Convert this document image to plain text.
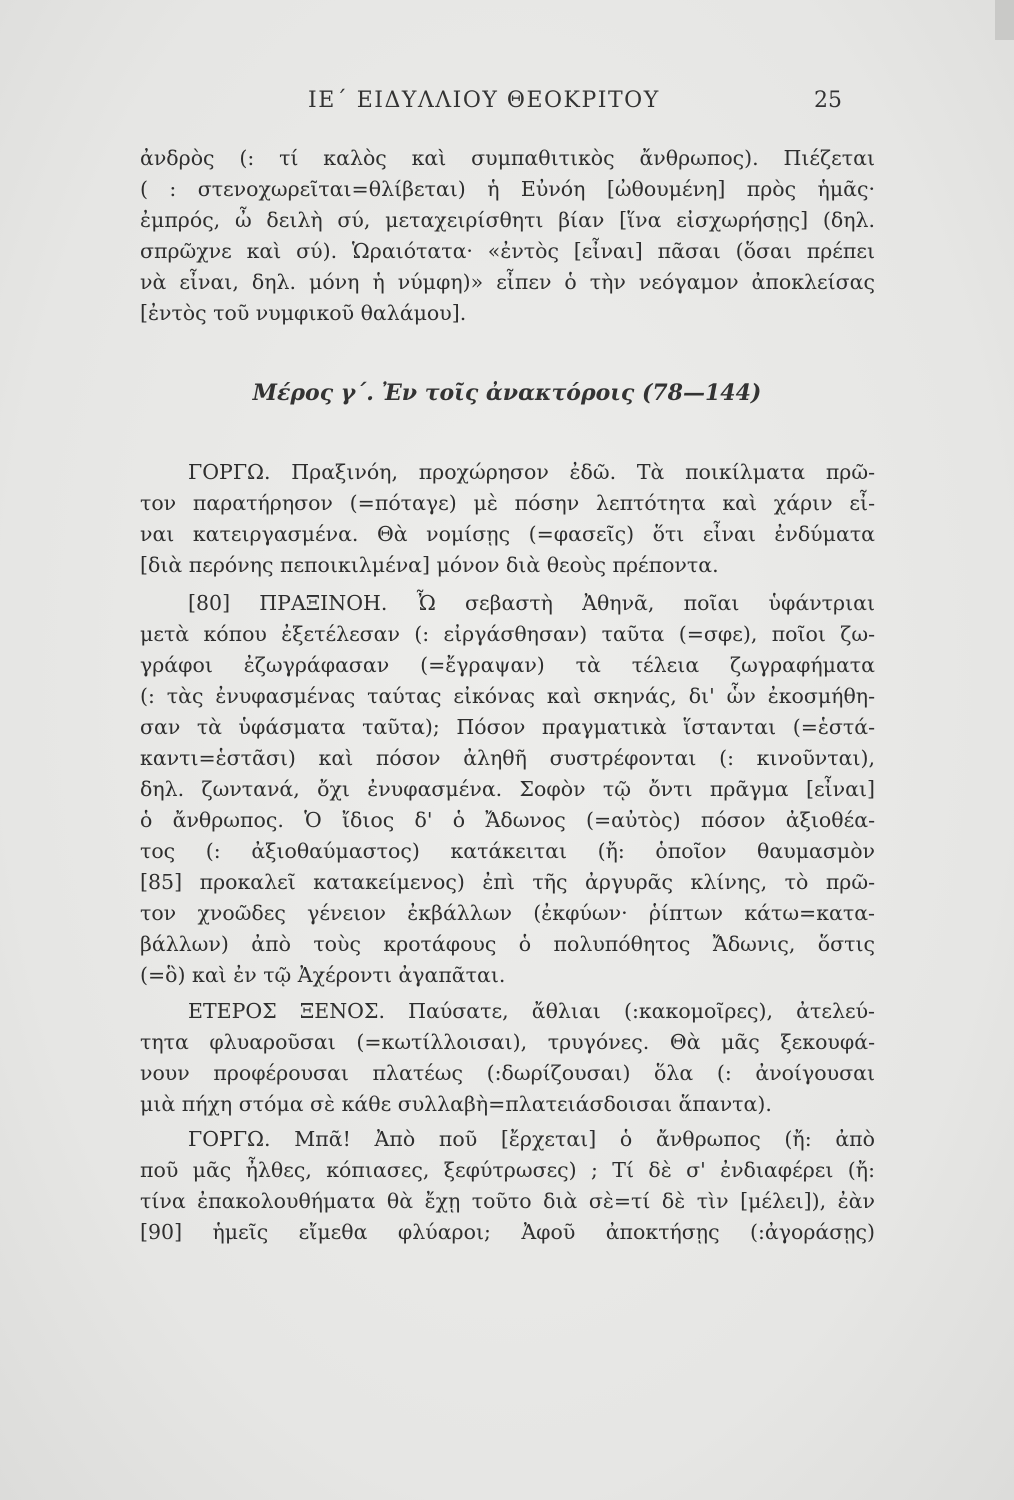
ΙΕ΄ ΕΙΔΥΛΛΙΟΥ ΘΕΟΚΡΙΤΟΥ	25
ἀνδρὸς (: τί καλὸς καὶ συμπαθιτικὸς ἄνθρωπος). Πιέζεται
( : στενοχωρεῖται=θλίβεται) ἡ Εὐνόη [ὠθουμένη] πρὸς ἡμᾶς·
ἐμπρός, ὦ δειλὴ σύ, μεταχειρίσθητι βίαν [ἵνα εἰσχωρήσῃς] (δηλ.
σπρῶχνε καὶ σύ). Ὡραιότατα· «ἐντὸς [εἶναι] πᾶσαι (ὅσαι πρέπει
νὰ εἶναι, δηλ. μόνη ἡ νύμφη)» εἶπεν ὁ τὴν νεόγαμον ἀποκλείσας
[ἐντὸς τοῦ νυμφικοῦ θαλάμου].
Μέρος γ΄. Ἐν τοῖς ἀνακτόροις (78—144)
ΓΟΡΓΩ. Πραξινόη, προχώρησον ἐδῶ. Τὰ ποικίλματα πρῶ-
τον παρατήρησον (=πόταγε) μὲ πόσην λεπτότητα καὶ χάριν εἶ-
ναι κατειργασμένα. Θὰ νομίσῃς (=φασεῖς) ὅτι εἶναι ἐνδύματα
[διὰ περόνης πεποικιλμένα] μόνον διὰ θεοὺς πρέποντα.
[80] ΠΡΑΞΙΝΟΗ. Ὦ σεβαστὴ Ἀθηνᾶ, ποῖαι ὑφάντριαι
μετὰ κόπου ἐξετέλεσαν (: εἰργάσθησαν) ταῦτα (=σφε), ποῖοι ζω-
γράφοι ἐζωγράφασαν (=ἔγραψαν) τὰ τέλεια ζωγραφήματα
(: τὰς ἐνυφασμένας ταύτας εἰκόνας καὶ σκηνάς, δι' ὧν ἐκοσμήθη-
σαν τὰ ὑφάσματα ταῦτα); Πόσον πραγματικὰ ἵστανται (=ἑστά-
καντι=ἑστᾶσι) καὶ πόσον ἀληθῆ συστρέφονται (: κινοῦνται),
δηλ. ζωντανά, ὄχι ἐνυφασμένα. Σοφὸν τῷ ὄντι πρᾶγμα [εἶναι]
ὁ ἄνθρωπος. Ὁ ἴδιος δ' ὁ Ἄδωνος (=αὐτὸς) πόσον ἀξιοθέα-
τος (: ἀξιοθαύμαστος) κατάκειται (ἤ: ὁποῖον θαυμασμὸν
[85] προκαλεῖ κατακείμενος) ἐπὶ τῆς ἀργυρᾶς κλίνης, τὸ πρῶ-
τον χνοῶδες γένειον ἐκβάλλων (ἐκφύων· ῥίπτων κάτω=κατα-
βάλλων) ἀπὸ τοὺς κροτάφους ὁ πολυπόθητος Ἄδωνις, ὅστις
(=ὃ) καὶ ἐν τῷ Ἀχέροντι ἀγαπᾶται.
ΕΤΕΡΟΣ ΞΕΝΟΣ. Παύσατε, ἄθλιαι (:κακομοῖρες), ἀτελεύ-
τητα φλυαροῦσαι (=κωτίλλοισαι), τρυγόνες. Θὰ μᾶς ξεκουφά-
νουν προφέρουσαι πλατέως (:δωρίζουσαι) ὅλα (: ἀνοίγουσαι
μιὰ πήχη στόμα σὲ κάθε συλλαβὴ=πλατειάσδοισαι ἅπαντα).
ΓΟΡΓΩ. Μπᾶ! Ἀπὸ ποῦ [ἔρχεται] ὁ ἄνθρωπος (ἤ: ἀπὸ
ποῦ μᾶς ἦλθες, κόπιασες, ξεφύτρωσες) ; Τί δὲ σ' ἐνδιαφέρει (ἤ:
τίνα ἐπακολουθήματα θὰ ἔχῃ τοῦτο διὰ σὲ=τί δὲ τὶν [μέλει]), ἐὰν
[90] ἡμεῖς εἴμεθα φλύαροι; Ἀφοῦ ἀποκτήσῃς (:ἀγοράσῃς)
